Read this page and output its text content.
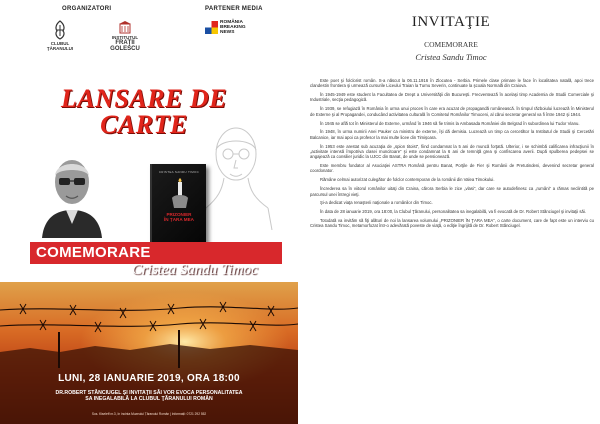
ORGANIZATORI	PARTENER MEDIA
CLUBUL ŢĂRANULUI
INSTITUTUL
FRAŢII
GOLESCU
ROMÂNIA
BREAKING
NEWS
LANSARE DE
CARTE
CRISTEA SANDU TIMOC
PRIZONIER
ÎN ŢARA MEA
COMEMORARE
Cristea Sandu Timoc
LUNI, 28 IANUARIE 2019, ORA 18:00
DR.ROBERT STĂNCIUGEL ŞI INVITAŢII SĂI VOR EVOCA PERSONALITATEA
SA INEGALABILĂ LA CLUBUL ŢĂRANULUI ROMÂN
Sos. Kiseleff nr.3, în incinta Muzeului Țăranului Român | Informații: 0721 292 552
INVITAŢIE
COMEMORARE
Cristea Sandu Timoc

Este poet şi folclorist român. S-a născut la 06.11.1916 în Zlocutea - Serbia. Primele clase primare le face în localitatea natală, apoi trece clandestin frontiera şi urmează cursurile Liceului Traian la Turnu Severin, continuate la şcoala Normală din Craiova.

În 1945-1949 este student la Facultatea de Drept a Universităţii din Bucureşti. Frecventează în acelaşi timp Academia de Studii Comerciale şi Industriale, secţia pedagogică.

În 1939, se refugiază în România în urma unui proces în care era acuzat de propagandă românească. În timpul războiului lucrează în Ministerul de Externe şi al Propagandei, conducând activitatea culturală în Comitetul Românilor Timoceni, al cărui secretar general va fi între 1942 şi 1944.

În 1945 se află tot în Ministerul de Externe, urmând în 1946 să fie trimis la Ambasada României din Belgrad în subordinea lui Tudor Vianu.

În 1948, în urma numirii Anei Pauker ca ministru de externe, îşi dă demisia. Lucrează un timp ca cercetător la Institutul de Studii şi Cercetări Balcanice, iar mai apoi ca profesor la mai multe licee din Timişoara.

În 1953 este arestat sub acuzaţia de „spion titoist”, fiind condamnat la 5 ani de muncă forţată. Ulterior, i se schimbă calificarea infracţiunii în „activitate intensă împotriva clasei muncitoare” şi este condamnat la 6 ani de temniţă grea şi confiscarea averii. După spulberea pedepsei se angajează ca consilier juridic la UJCC din Banat, de unde se pensionează.

Este membru fondator al Asociaţiei ASTRA Română pentru Banat, Porţile de Fier şi Românii de Pretutindeni, devenind secretar general coordonator.

Rămâne celmai autorizat culegător de folclor contemporan de la românii din Valea Timokului.

Încrederea sa în viitorul românilor uitaţi din Craina, cărora Serbia le zice „vlasi”, dar care se autodefinesc ca „rumâni” a rămas neclintită pe parcursul unei întregi vieţi.

Şi-a dedicat viaţa renaşterii naţionale a românilor din Timoc.

În data de 28 ianuarie 2019, ora 18:00, la Clubul Ţăranului, personalitatea sa inegalabilă, va fi evocată de Dr. Robert Stănciugel şi invitaţii săi.

Totodată va invităm să fiţi alături de noi la lansarea volumului „PRIZONIER ÎN ŢARA MEA”, o carte document, care de fapt este un interviu cu Cristea Sandu Timoc, metamorfozat într-o adevărată poveste de viaţă, o ediţie îngrijită de Dr. Robert Stănciugel.
